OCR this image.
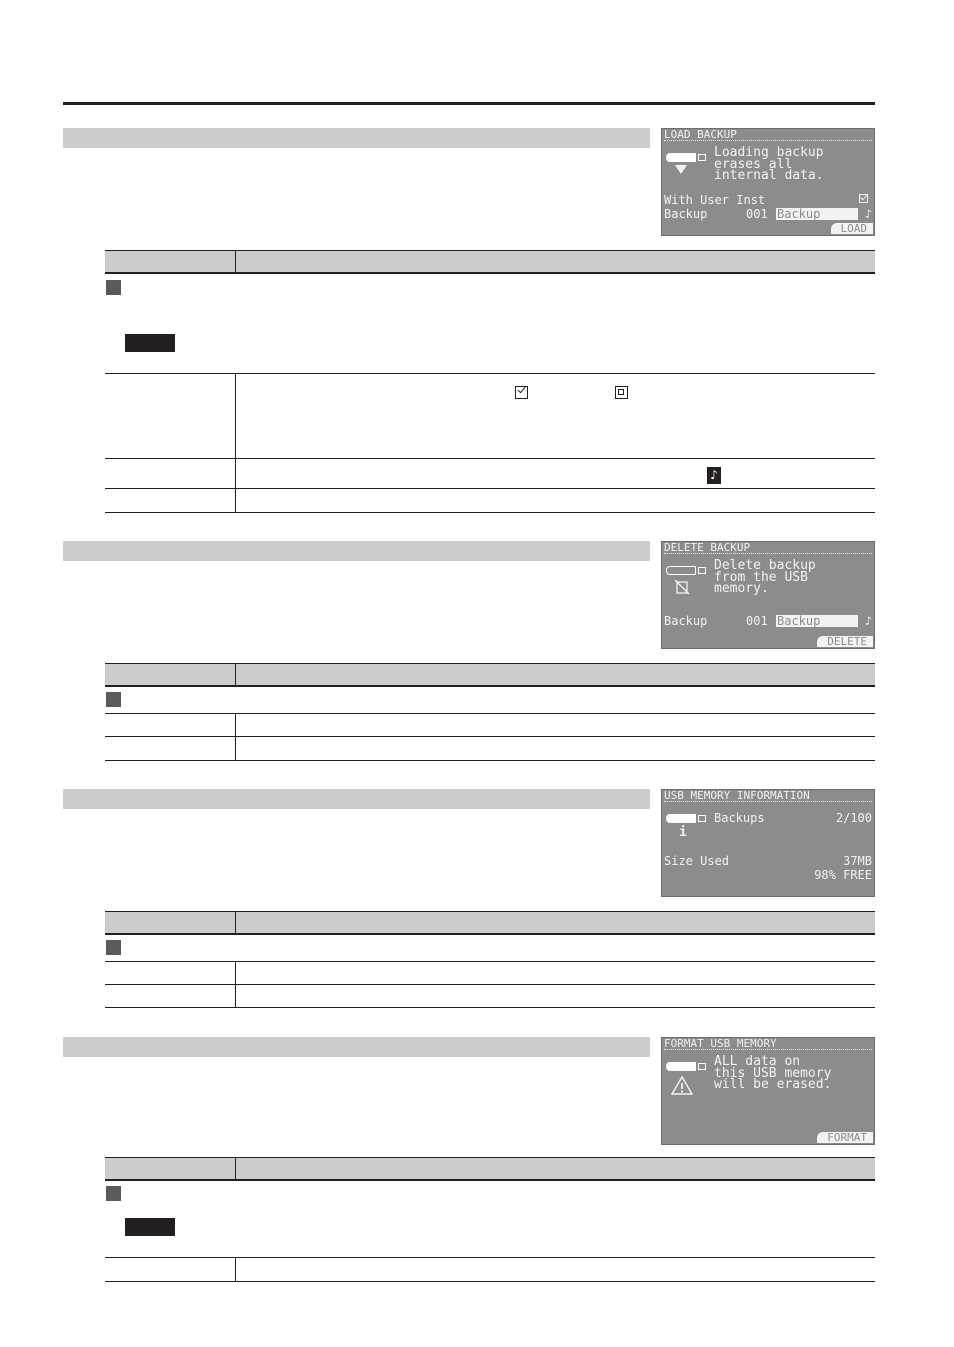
LOAD BACKUP
Loading backup
erases all
internal data.
With User Inst
Backup	001 Backup	♪
LOAD
♪
DELETE BACKUP
Delete backup
from the USB
memory.
Backup	001 Backup	♪
DELETE
USB MEMORY INFORMATION
i
Backups	2/100
Size Used	37MB
98% FREE
FORMAT USB MEMORY
ALL data on
this USB memory
will be erased.
FORMAT
